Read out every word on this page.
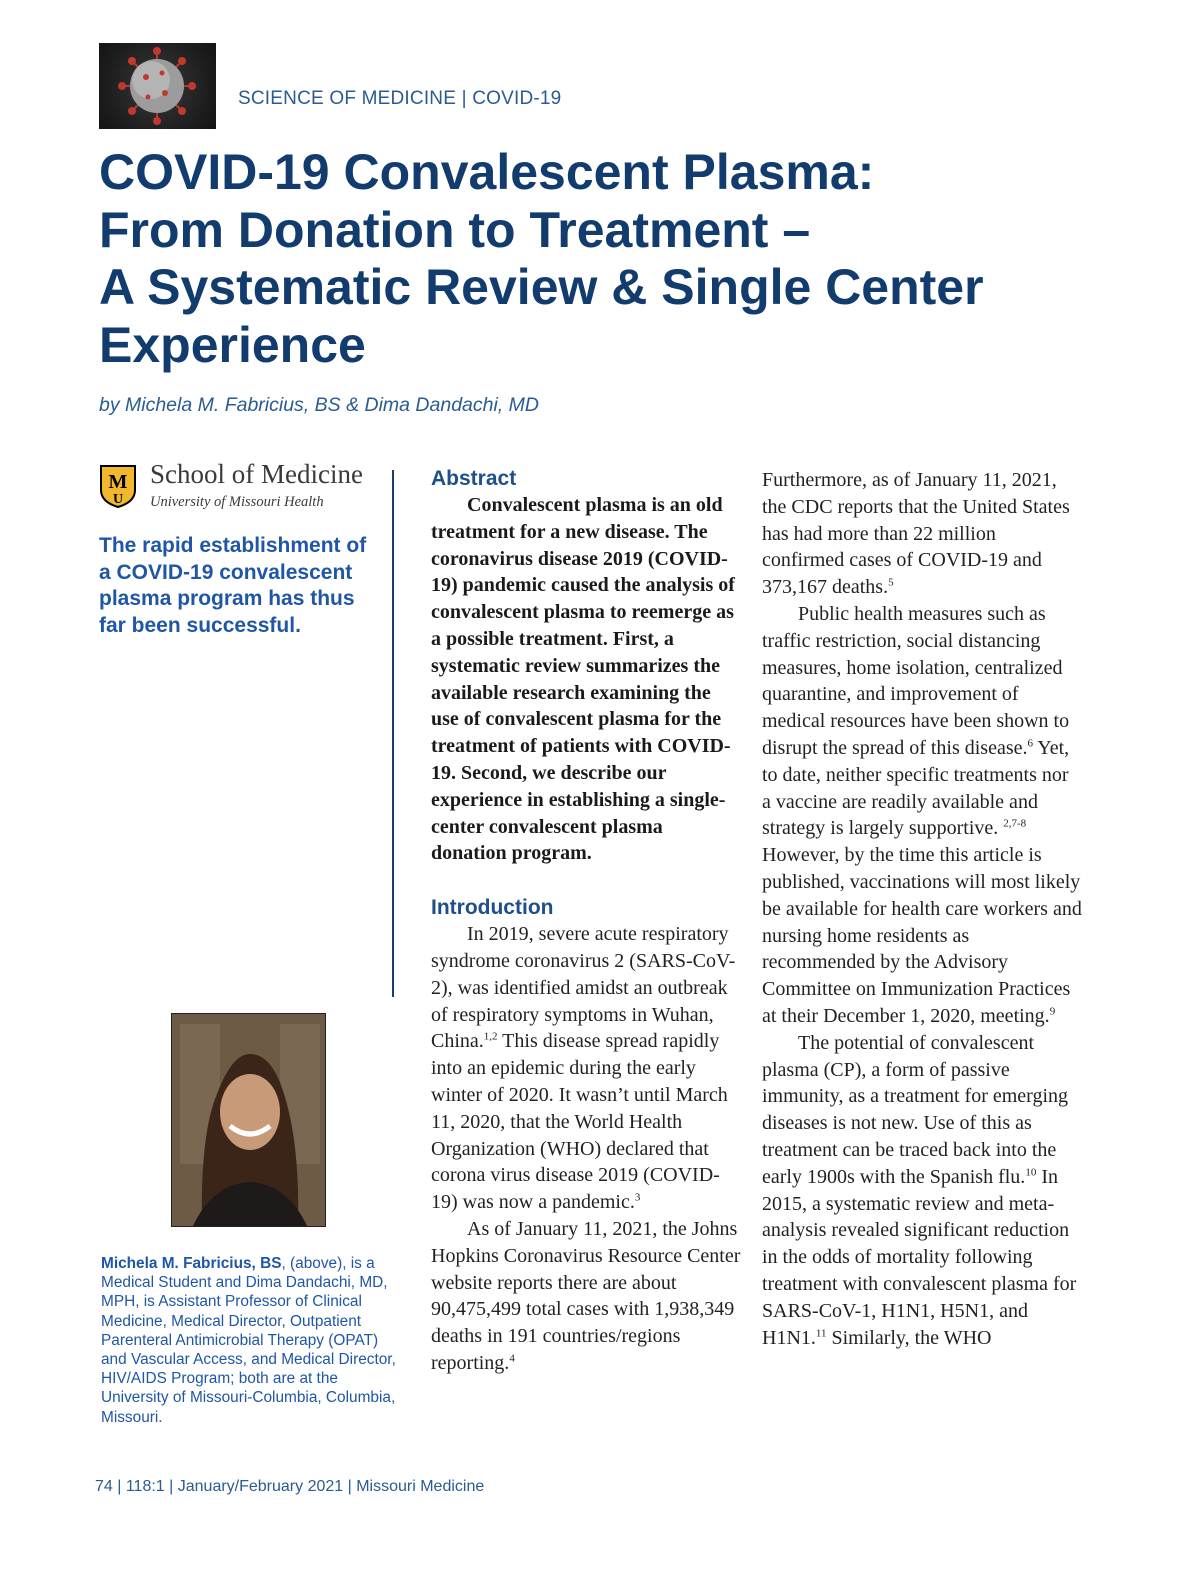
SCIENCE OF MEDICINE | COVID-19
COVID-19 Convalescent Plasma:
From Donation to Treatment –
A Systematic Review & Single Center
Experience
by Michela M. Fabricius, BS & Dima Dandachi, MD
M
U
School of Medicine
University of Missouri Health

The rapid establishment of a COVID-19 convalescent plasma program has thus far been successful.

Michela M. Fabricius, BS, (above), is a Medical Student and Dima Dandachi, MD, MPH, is Assistant Professor of Clinical Medicine, Medical Director, Outpatient Parenteral Antimicrobial Therapy (OPAT) and Vascular Access, and Medical Director, HIV/AIDS Program; both are at the University of Missouri-Columbia, Columbia, Missouri.

Abstract

Convalescent plasma is an old treatment for a new disease. The coronavirus disease 2019 (COVID-19) pandemic caused the analysis of convalescent plasma to reemerge as a possible treatment. First, a systematic review summarizes the available research examining the use of convalescent plasma for the treatment of patients with COVID-19. Second, we describe our experience in establishing a single-center convalescent plasma donation program.

Introduction

In 2019, severe acute respiratory syndrome coronavirus 2 (SARS-CoV-2), was identified amidst an outbreak of respiratory symptoms in Wuhan, China.$^{1,2}$ This disease spread rapidly into an epidemic during the early winter of 2020. It wasn’t until March 11, 2020, that the World Health Organization (WHO) declared that corona virus disease 2019 (COVID-19) was now a pandemic.$^3$

As of January 11, 2021, the Johns Hopkins Coronavirus Resource Center website reports there are about 90,475,499 total cases with 1,938,349 deaths in 191 countries/regions reporting.$^4$

Furthermore, as of January 11, 2021, the CDC reports that the United States has had more than 22 million confirmed cases of COVID-19 and 373,167 deaths.$^5$

Public health measures such as traffic restriction, social distancing measures, home isolation, centralized quarantine, and improvement of medical resources have been shown to disrupt the spread of this disease.$^6$ Yet, to date, neither specific treatments nor a vaccine are readily available and strategy is largely supportive. $^{2,7-8}$ However, by the time this article is published, vaccinations will most likely be available for health care workers and nursing home residents as recommended by the Advisory Committee on Immunization Practices at their December 1, 2020, meeting.$^9$

The potential of convalescent plasma (CP), a form of passive immunity, as a treatment for emerging diseases is not new. Use of this as treatment can be traced back into the early 1900s with the Spanish flu.$^{10}$ In 2015, a systematic review and meta-analysis revealed significant reduction in the odds of mortality following treatment with convalescent plasma for SARS-CoV-1, H1N1, H5N1, and H1N1.11 Similarly, the WHO

74 | 118:1 | January/February 2021 | Missouri Medicine
